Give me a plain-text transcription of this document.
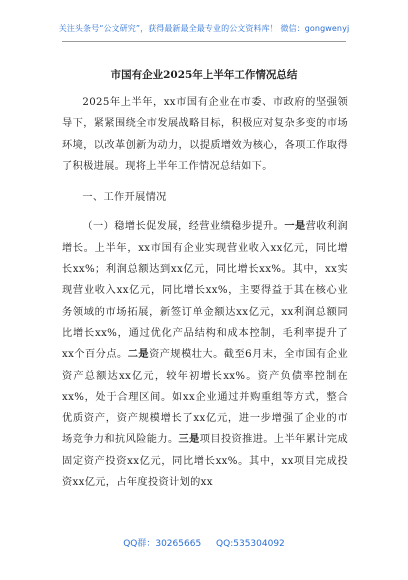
关注头条号“公文研究”，获得最新最全最专业的公文资料库！ 微信：gongwenyj
市国有企业2025年上半年工作情况总结

2025年上半年，xx市国有企业在市委、市政府的坚强领导下，紧紧围绕全市发展战略目标，积极应对复杂多变的市场环境，以改革创新为动力，以提质增效为核心，各项工作取得了积极进展。现将上半年工作情况总结如下。

一、工作开展情况

（一）稳增长促发展，经营业绩稳步提升。一是营收利润增长。上半年，xx市国有企业实现营业收入xx亿元，同比增长xx%；利润总额达到xx亿元，同比增长xx%。其中，xx实现营业收入xx亿元，同比增长xx%，主要得益于其在核心业务领域的市场拓展，新签订单金额达xx亿元，xx利润总额同比增长xx%，通过优化产品结构和成本控制，毛利率提升了xx个百分点。二是资产规模壮大。截至6月末，全市国有企业资产总额达xx亿元，较年初增长xx%。资产负债率控制在xx%，处于合理区间。如xx企业通过并购重组等方式，整合优质资产，资产规模增长了xx亿元，进一步增强了企业的市场竞争力和抗风险能力。三是项目投资推进。上半年累计完成固定资产投资xx亿元，同比增长xx%。其中，xx项目完成投资xx亿元，占年度投资计划的xx

QQ群：30265665 QQ:535304092
